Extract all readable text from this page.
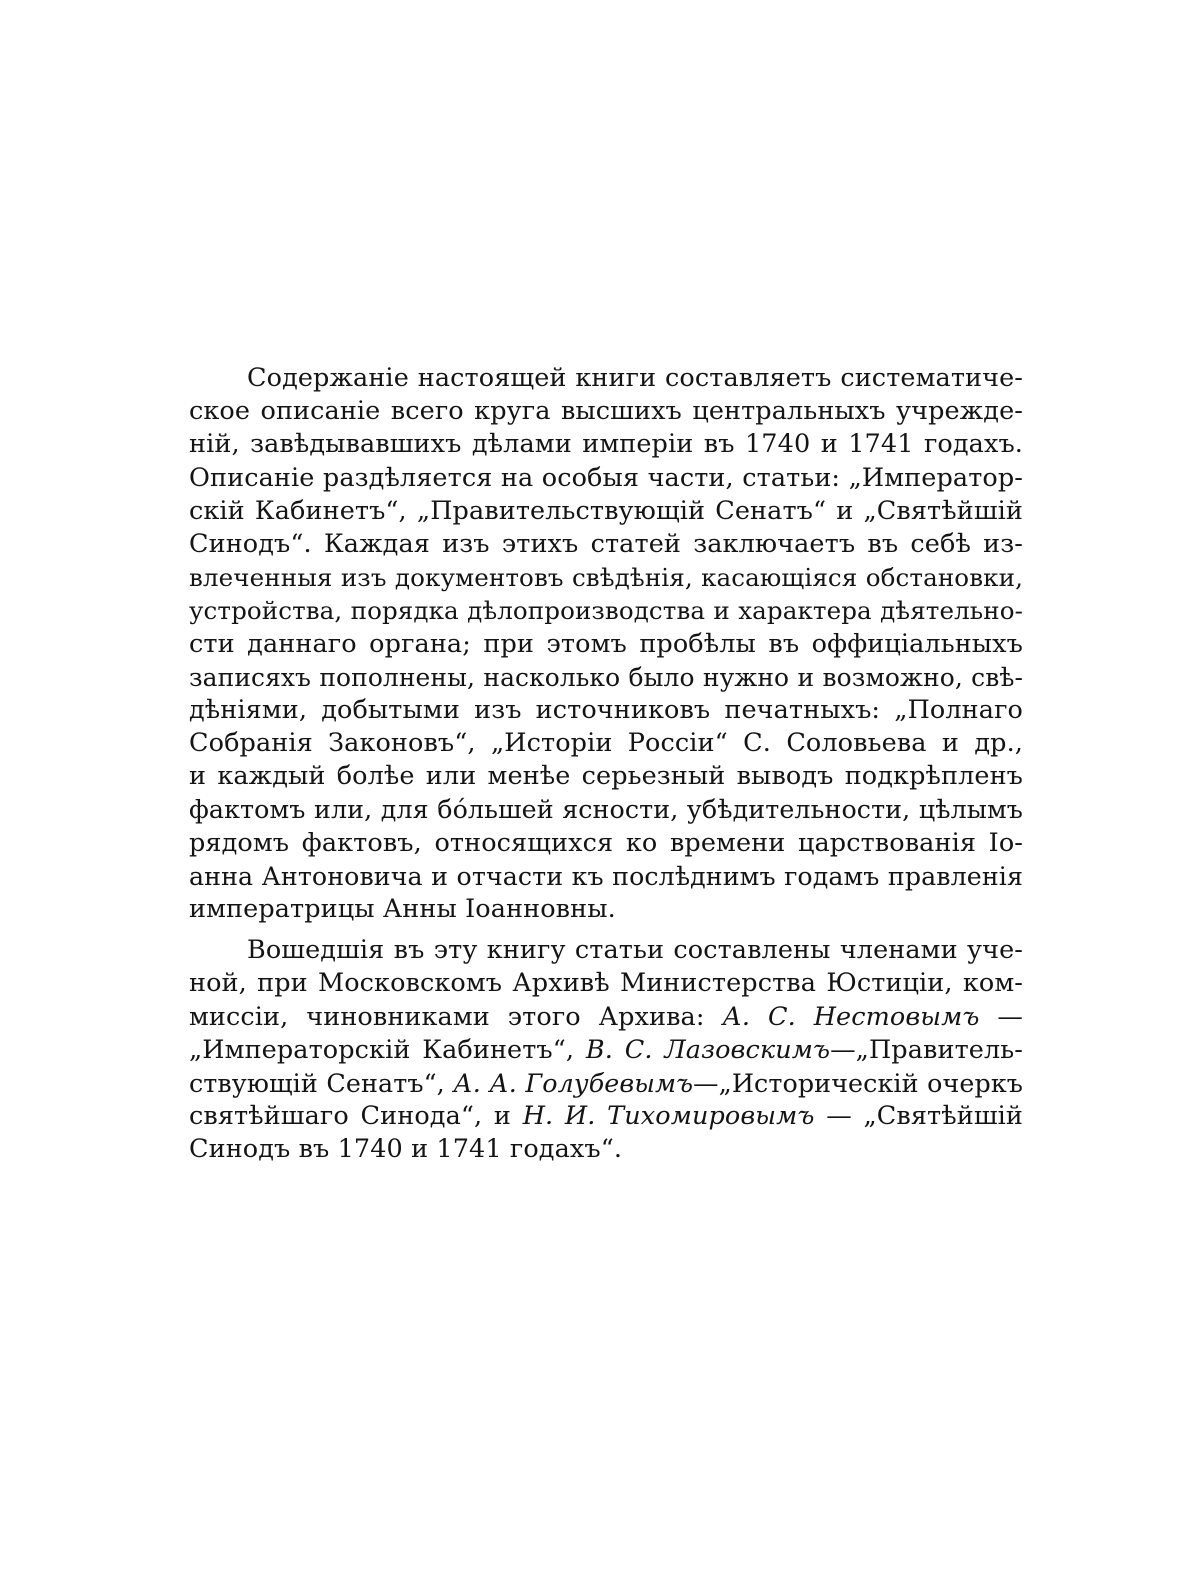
Содержаніе настоящей книги составляетъ систематиче-
ское описаніе всего круга высшихъ центральныхъ учрежде-
ній, завѣдывавшихъ дѣлами имперіи въ 1740 и 1741 годахъ.
Описаніе раздѣляется на особыя части, статьи: „Император-
скій Кабинетъ“, „Правительствующій Сенатъ“ и „Святѣйшій
Синодъ“. Каждая изъ этихъ статей заключаетъ въ себѣ из-
влеченныя изъ документовъ свѣдѣнія, касающіяся обстановки,
устройства, порядка дѣлопроизводства и характера дѣятельно-
сти даннаго органа; при этомъ пробѣлы въ оффиціальныхъ
записяхъ пополнены, насколько было нужно и возможно, свѣ-
дѣніями, добытыми изъ источниковъ печатныхъ: „Полнаго
Собранія Законовъ“, „Исторіи Россіи“ С. Соловьева и др.,
и каждый болѣе или менѣе серьезный выводъ подкрѣпленъ
фактомъ или, для бóльшей ясности, убѣдительности, цѣлымъ
рядомъ фактовъ, относящихся ко времени царствованія Іо-
анна Антоновича и отчасти къ послѣднимъ годамъ правленія
императрицы Анны Іоанновны.
Вошедшія въ эту книгу статьи составлены членами уче-
ной, при Московскомъ Архивѣ Министерства Юстиціи, ком-
миссіи, чиновниками этого Архива: А. С. Нестовымъ —
„Императорскій Кабинетъ“, В. С. Лазовскимъ—„Правитель-
ствующій Сенатъ“, А. А. Голубевымъ—„Историческій очеркъ
святѣйшаго Синода“, и Н. И. Тихомировымъ — „Святѣйшій
Синодъ въ 1740 и 1741 годахъ“.
